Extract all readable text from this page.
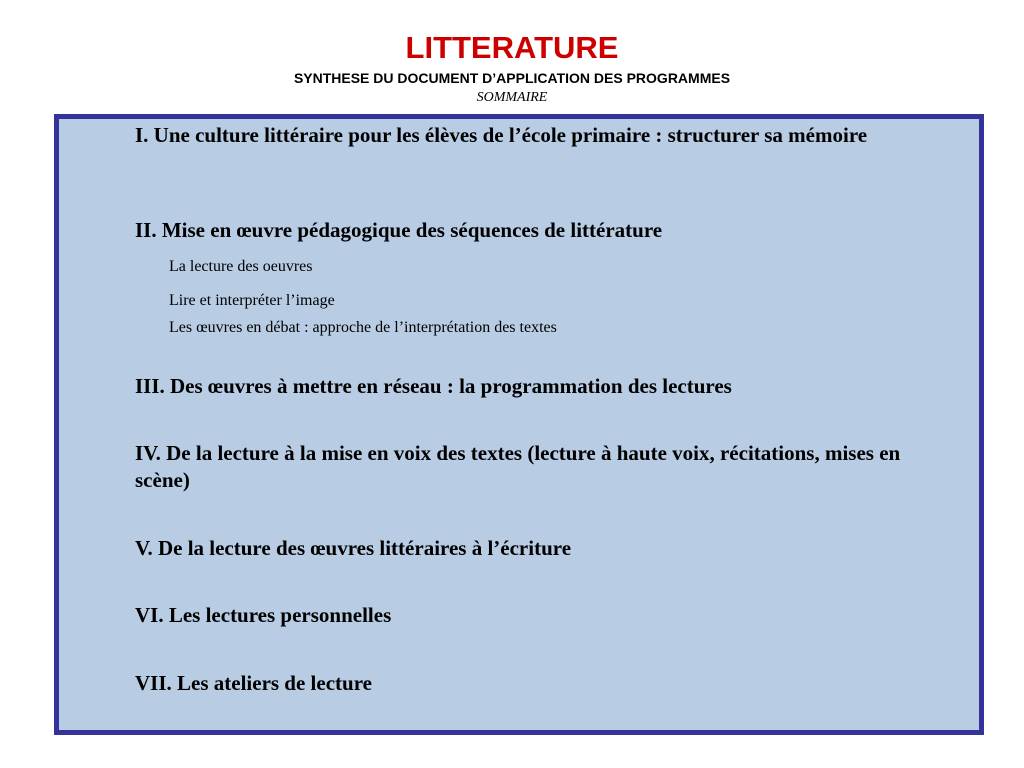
LITTERATURE
SYNTHESE DU DOCUMENT D’APPLICATION DES PROGRAMMES
SOMMAIRE

I. Une culture littéraire pour les élèves de l’école primaire : structurer sa mémoire

II. Mise en œuvre pédagogique des séquences de littérature

La lecture des oeuvres

Lire et interpréter l’image

Les œuvres en débat : approche de l’interprétation des textes

III. Des œuvres à mettre en réseau : la programmation des lectures

IV. De la lecture à la mise en voix des textes (lecture à haute voix, récitations, mises en scène)

V. De la lecture des œuvres littéraires à l’écriture

VI. Les lectures personnelles

VII. Les ateliers de lecture
